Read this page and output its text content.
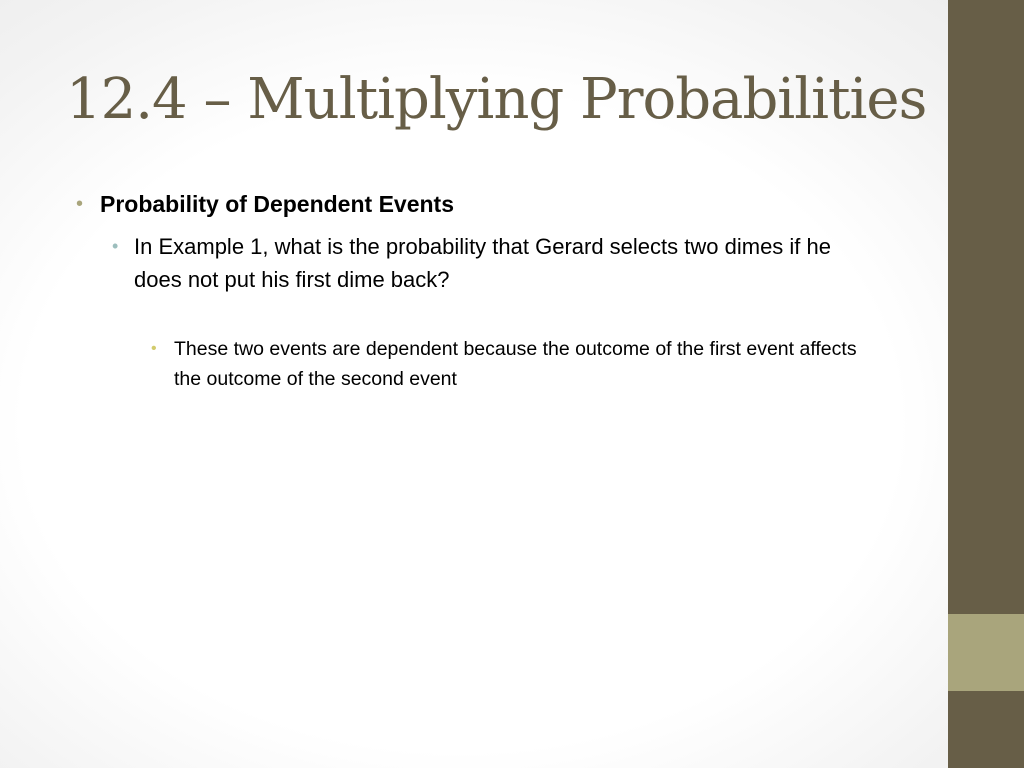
12.4 – Multiplying Probabilities
• Probability of Dependent Events
• In Example 1, what is the probability that Gerard selects two dimes if he does not put his first dime back?
• These two events are dependent because the outcome of the first event affects the outcome of the second event
